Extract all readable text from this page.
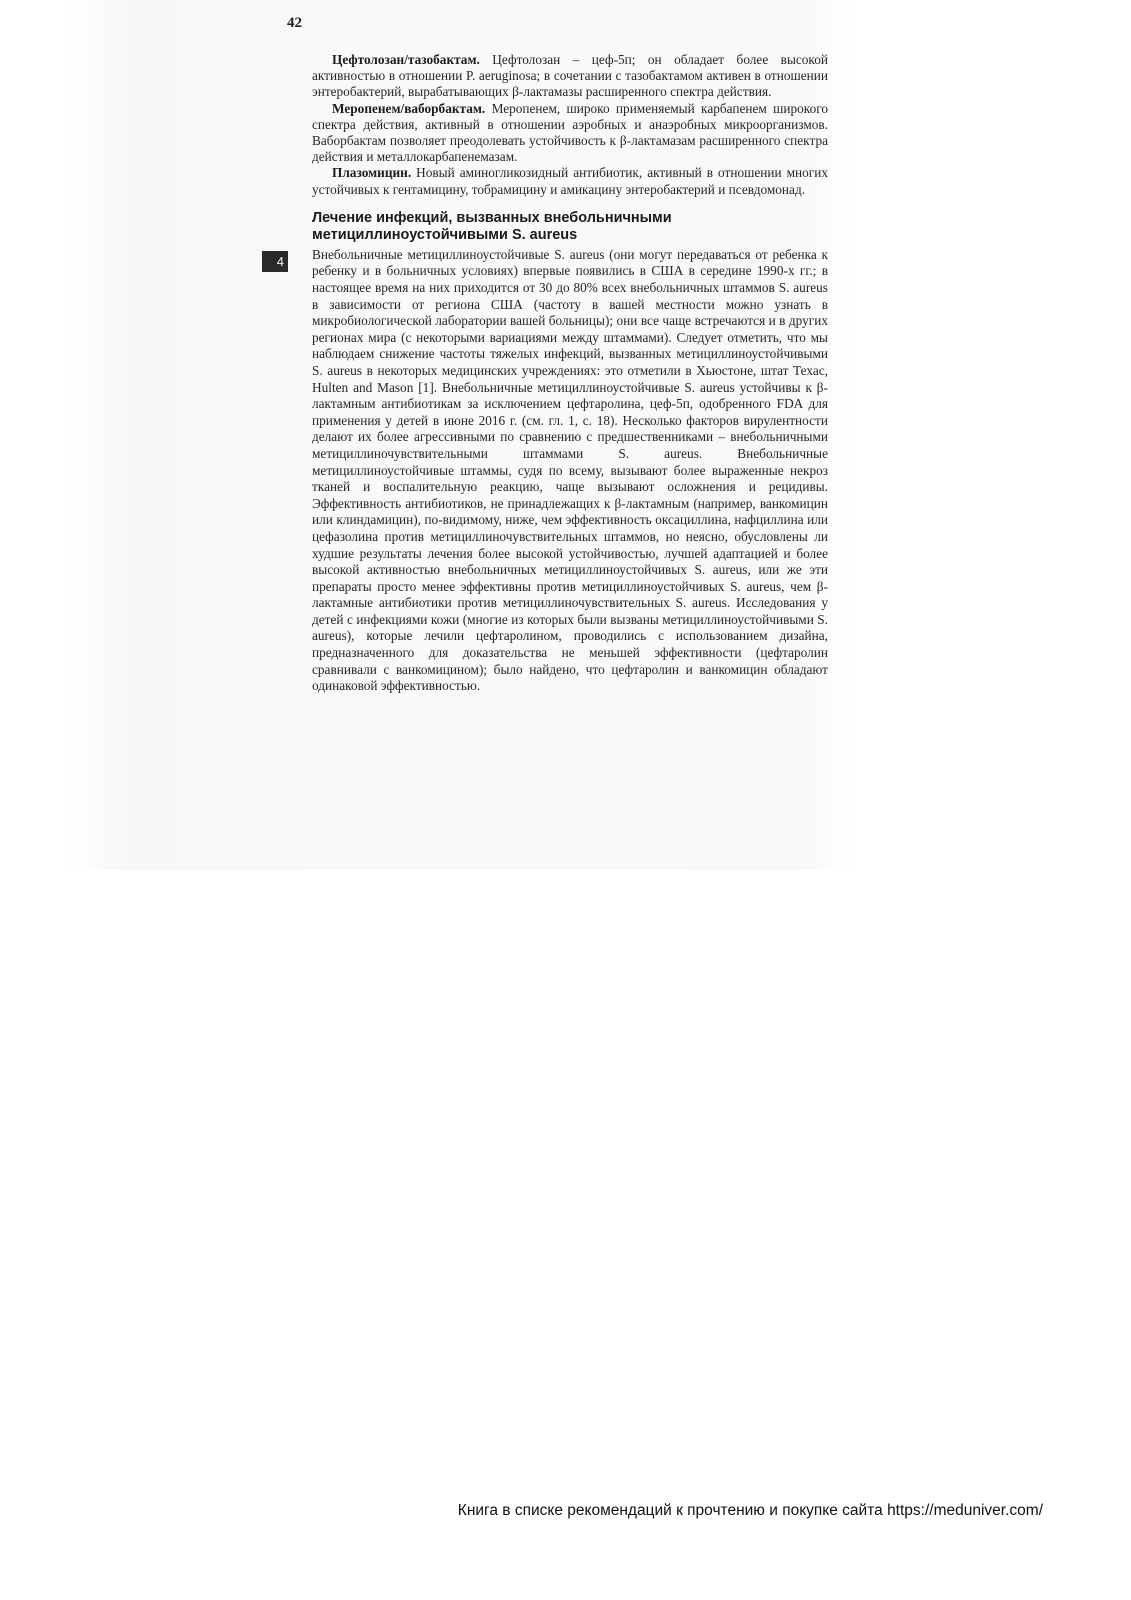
42
4

Цефтолозан/тазобактам. Цефтолозан – цеф-5п; он обладает более высокой активностью в отношении P. aeruginosa; в сочетании с тазобактамом активен в отношении энтеробактерий, вырабатывающих β-лактамазы расширенного спектра действия.

Меропенем/ваборбактам. Меропенем, широко применяемый карбапенем широкого спектра действия, активный в отношении аэробных и анаэробных микроорганизмов. Ваборбактам позволяет преодолевать устойчивость к β-лактамазам расширенного спектра действия и металлокарбапенемазам.

Плазомицин. Новый аминогликозидный антибиотик, активный в отношении многих устойчивых к гентамицину, тобрамицину и амикацину энтеробактерий и псевдомонад.

Лечение инфекций, вызванных внебольничными метициллиноустойчивыми S. aureus

Внебольничные метициллиноустойчивые S. aureus (они могут передаваться от ребенка к ребенку и в больничных условиях) впервые появились в США в середине 1990-х гг.; в настоящее время на них приходится от 30 до 80% всех внебольничных штаммов S. aureus в зависимости от региона США (частоту в вашей местности можно узнать в микробиологической лаборатории вашей больницы); они все чаще встречаются и в других регионах мира (с некоторыми вариациями между штаммами). Следует отметить, что мы наблюдаем снижение частоты тяжелых инфекций, вызванных метициллиноустойчивыми S. aureus в некоторых медицинских учреждениях: это отметили в Хьюстоне, штат Техас, Hulten and Mason [1]. Внебольничные метициллиноустойчивые S. aureus устойчивы к β-лактамным антибиотикам за исключением цефтаролина, цеф-5п, одобренного FDA для применения у детей в июне 2016 г. (см. гл. 1, с. 18). Несколько факторов вирулентности делают их более агрессивными по сравнению с предшественниками – внебольничными метициллиночувствительными штаммами S. aureus. Внебольничные метициллиноустойчивые штаммы, судя по всему, вызывают более выраженные некроз тканей и воспалительную реакцию, чаще вызывают осложнения и рецидивы. Эффективность антибиотиков, не принадлежащих к β-лактамным (например, ванкомицин или клиндамицин), по-видимому, ниже, чем эффективность оксациллина, нафциллина или цефазолина против метициллиночувствительных штаммов, но неясно, обусловлены ли худшие результаты лечения более высокой устойчивостью, лучшей адаптацией и более высокой активностью внебольничных метициллиноустойчивых S. aureus, или же эти препараты просто менее эффективны против метициллиноустойчивых S. aureus, чем β-лактамные антибиотики против метициллиночувствительных S. aureus. Исследования у детей с инфекциями кожи (многие из которых были вызваны метициллиноустойчивыми S. aureus), которые лечили цефтаролином, проводились с использованием дизайна, предназначенного для доказательства не меньшей эффективности (цефтаролин сравнивали с ванкомицином); было найдено, что цефтаролин и ванкомицин обладают одинаковой эффективностью.

Книга в списке рекомендаций к прочтению и покупке сайта https://meduniver.com/
